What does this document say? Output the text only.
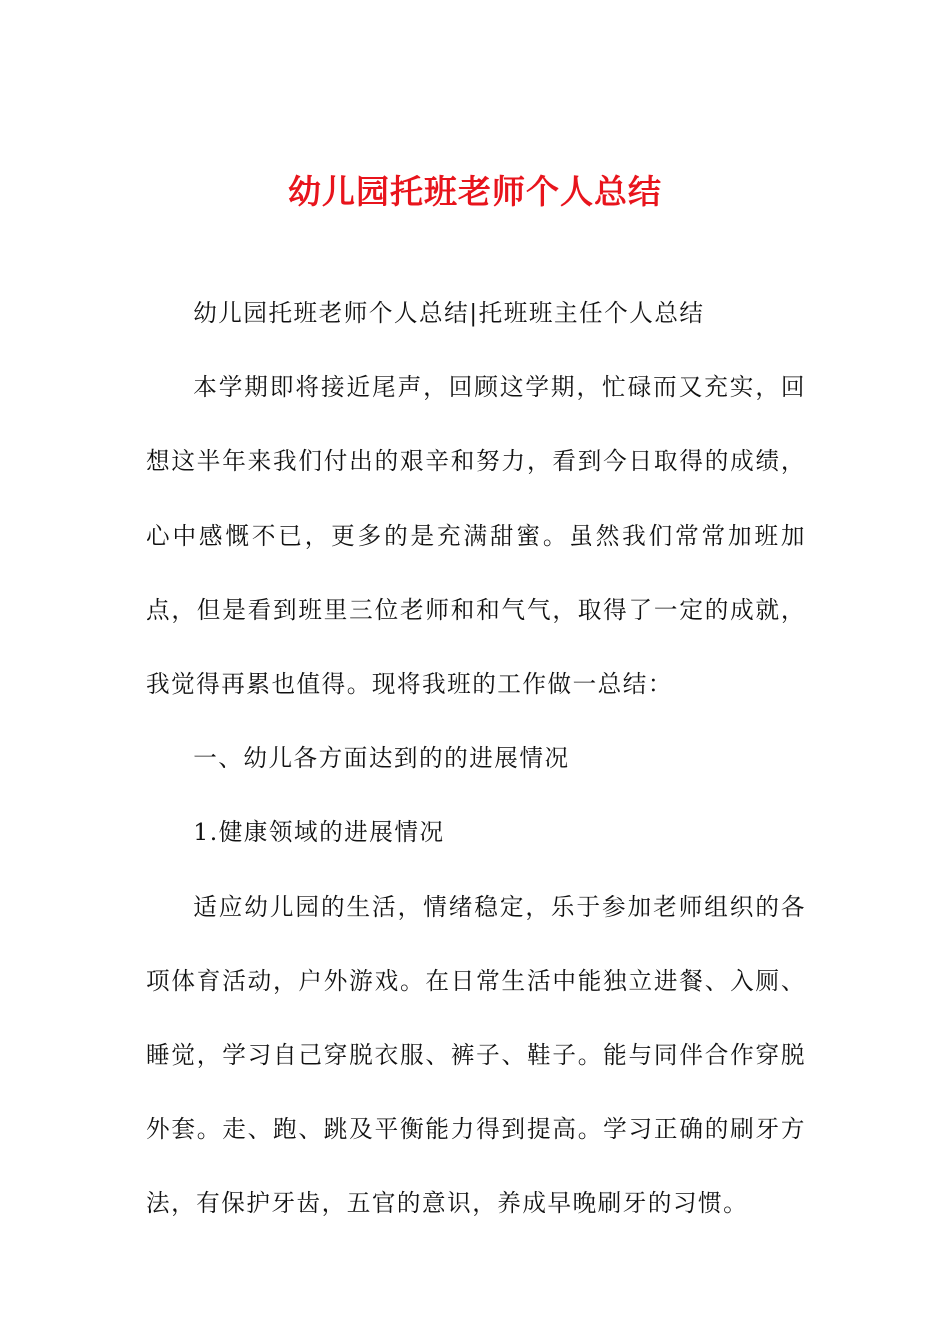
幼儿园托班老师个人总结

幼儿园托班老师个人总结|托班班主任个人总结

本学期即将接近尾声，回顾这学期，忙碌而又充实，回想这半年来我们付出的艰辛和努力，看到今日取得的成绩，心中感慨不已，更多的是充满甜蜜。虽然我们常常加班加点，但是看到班里三位老师和和气气，取得了一定的成就，我觉得再累也值得。现将我班的工作做一总结：

一、幼儿各方面达到的的进展情况

1.健康领域的进展情况

适应幼儿园的生活，情绪稳定，乐于参加老师组织的各项体育活动，户外游戏。在日常生活中能独立进餐、入厕、睡觉，学习自己穿脱衣服、裤子、鞋子。能与同伴合作穿脱外套。走、跑、跳及平衡能力得到提高。学习正确的刷牙方法，有保护牙齿，五官的意识，养成早晚刷牙的习惯。
